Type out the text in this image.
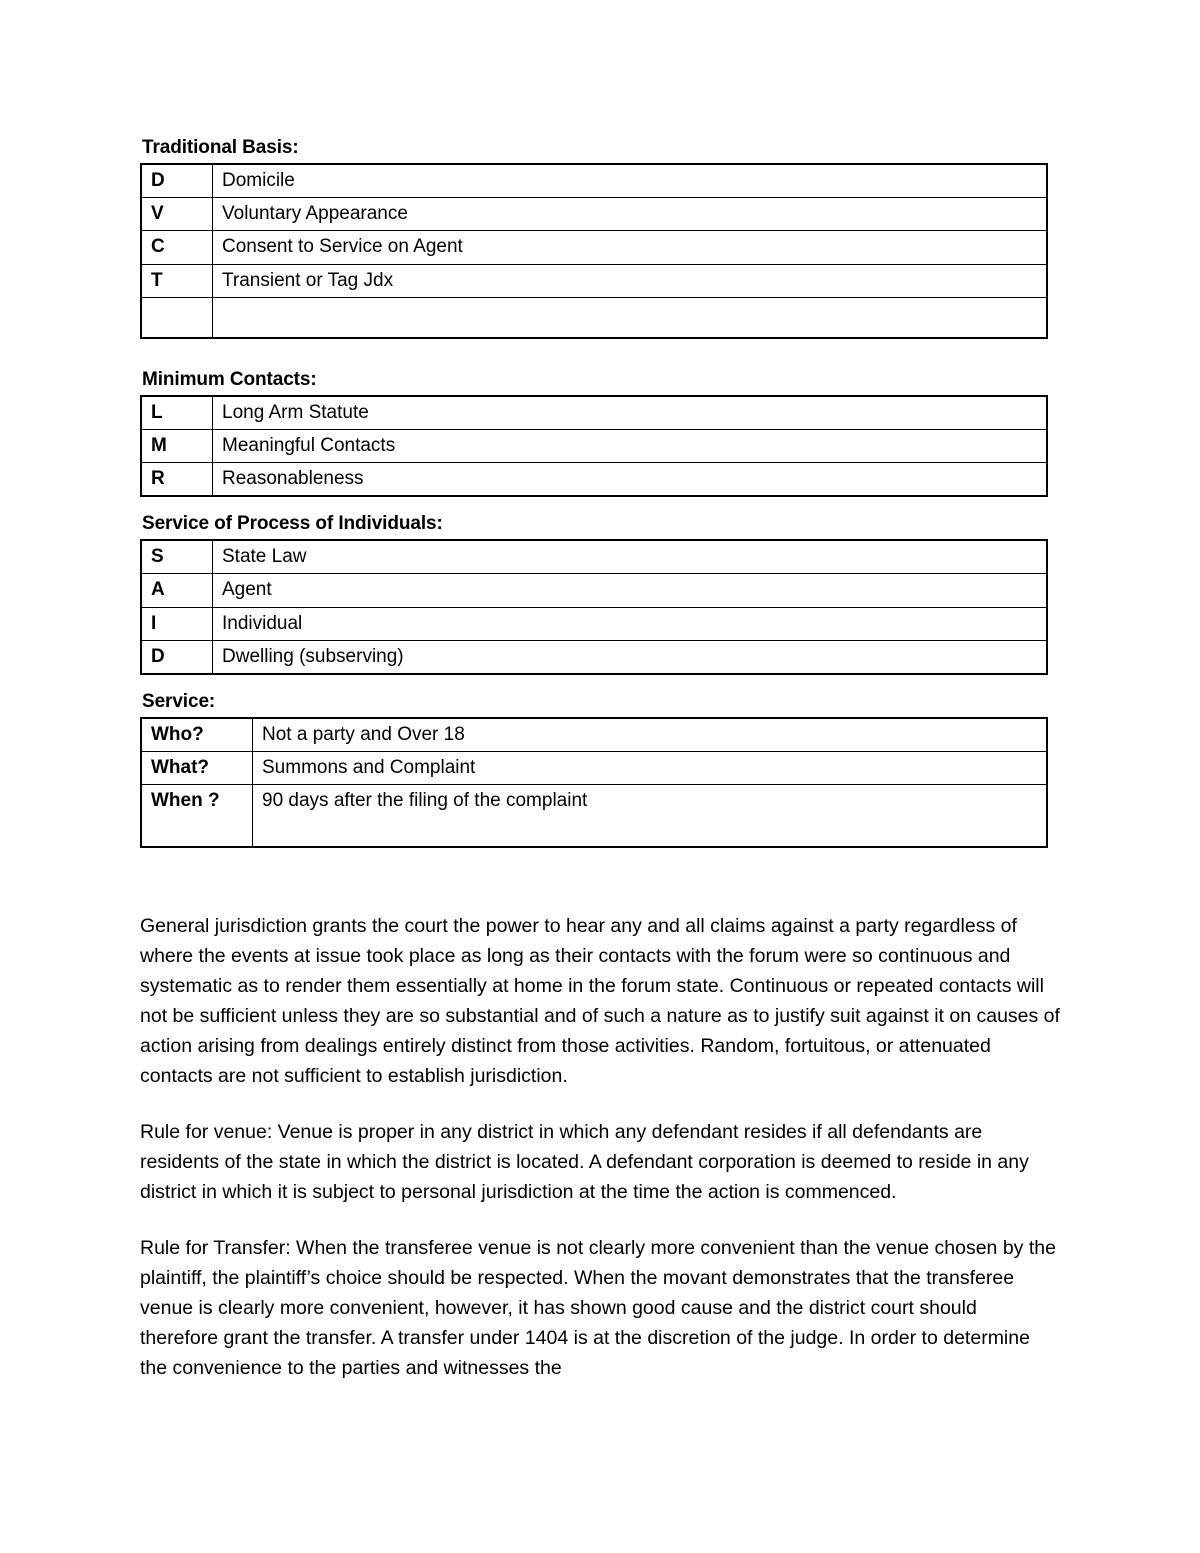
Traditional Basis:
D	Domicile
V	Voluntary Appearance
C	Consent to Service on Agent
T	Transient or Tag Jdx

Minimum Contacts:
L	Long Arm Statute
M	Meaningful Contacts
R	Reasonableness
Service of Process of Individuals:
S	State Law
A	Agent
I	Individual
D	Dwelling (subserving)
Service:
Who?	Not a party and Over 18
What?	Summons and Complaint
When ?	90 days after the filing of the complaint

General jurisdiction grants the court the power to hear any and all claims against a party regardless of where the events at issue took place as long as their contacts with the forum were so continuous and systematic as to render them essentially at home in the forum state. Continuous or repeated contacts will not be sufficient unless they are so substantial and of such a nature as to justify suit against it on causes of action arising from dealings entirely distinct from those activities. Random, fortuitous, or attenuated contacts are not sufficient to establish jurisdiction.

Rule for venue: Venue is proper in any district in which any defendant resides if all defendants are residents of the state in which the district is located. A defendant corporation is deemed to reside in any district in which it is subject to personal jurisdiction at the time the action is commenced.

Rule for Transfer: When the transferee venue is not clearly more convenient than the venue chosen by the plaintiff, the plaintiff’s choice should be respected. When the movant demonstrates that the transferee venue is clearly more convenient, however, it has shown good cause and the district court should therefore grant the transfer. A transfer under 1404 is at the discretion of the judge. In order to determine the convenience to the parties and witnesses the
